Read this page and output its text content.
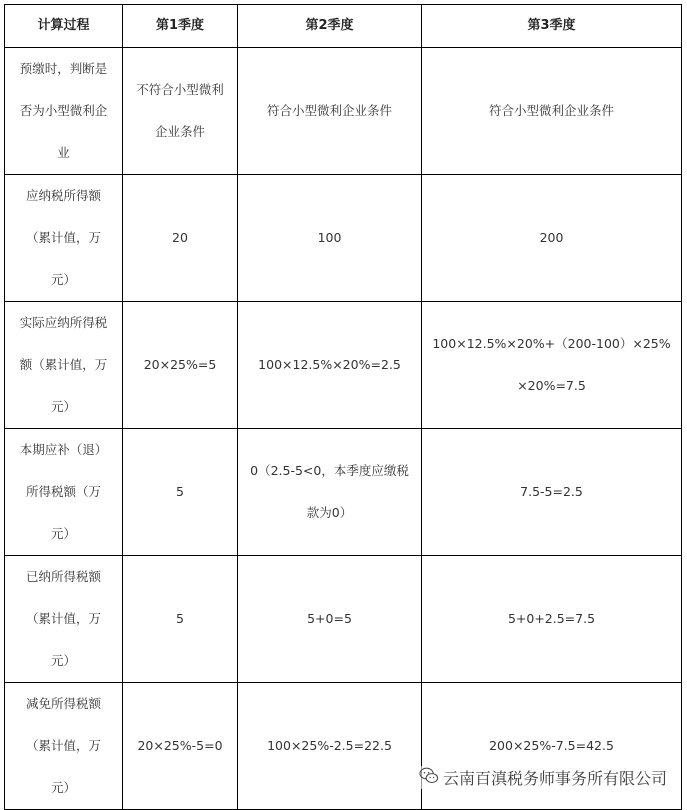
计算过程	第1季度	第2季度	第3季度
预缴时，判断是否为小型微利企业	不符合小型微利企业条件	符合小型微利企业条件	符合小型微利企业条件
应纳税所得额（累计值，万元）	20	100	200
实际应纳所得税额（累计值，万元）	20×25%=5	100×12.5%×20%=2.5	100×12.5%×20%+（200-100）×25%×20%=7.5
本期应补（退）所得税额（万元）	5	0（2.5-5<0，本季度应缴税款为0）	7.5-5=2.5
已纳所得税额（累计值，万元）	5	5+0=5	5+0+2.5=7.5
减免所得税额（累计值，万元）	20×25%-5=0	100×25%-2.5=22.5	200×25%-7.5=42.5
云南百滇税务师事务所有限公司
